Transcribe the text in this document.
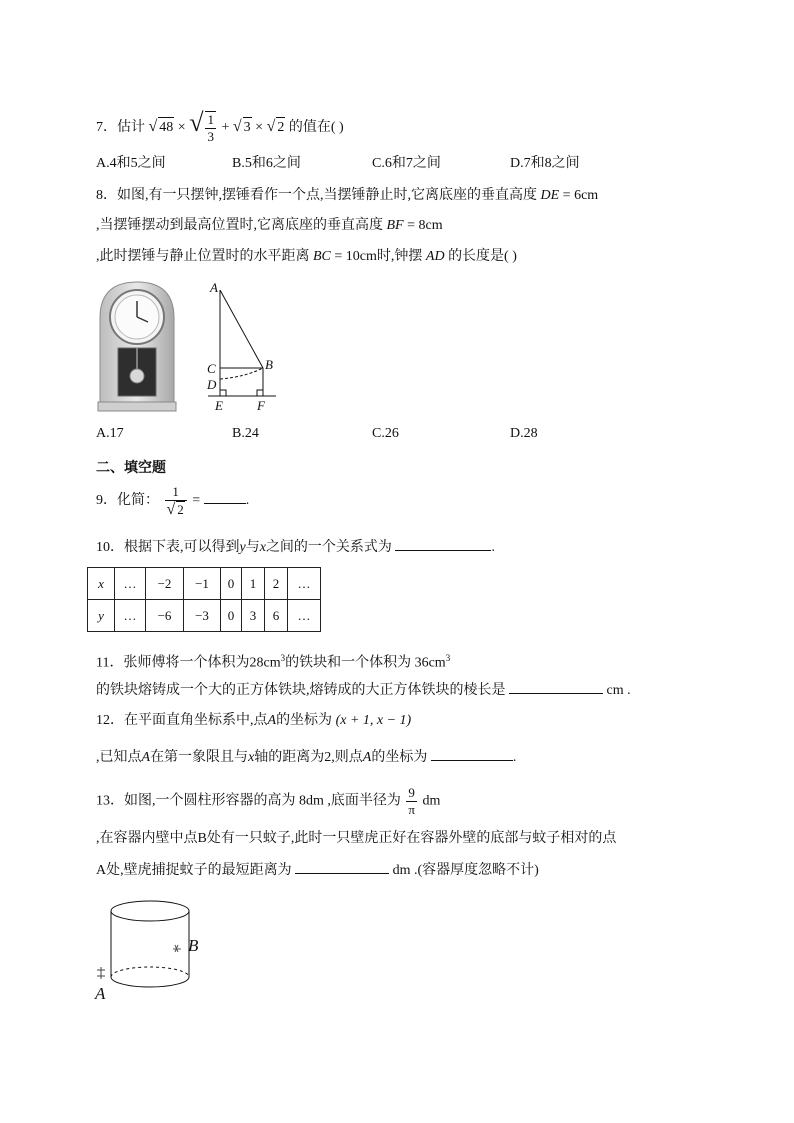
7．估计 √ 48 × √ $\frac{1}{3}$ + √ 3 × √ 2 的值在( )
A.4和5之间	B.5和6之间	C.6和7之间	D.7和8之间
8．如图,有一只摆钟,摆锤看作一个点,当摆锤静止时,它离底座的垂直高度 DE = 6cm
,当摆锤摆动到最高位置时,它离底座的垂直高度 BF = 8cm
,此时摆锤与静止位置时的水平距离 BC = 10cm时,钟摆 AD 的长度是( )
A
C	B
D
E	F
A.17	B.24	C.26	D.28
二、填空题
9．化简： $\frac{1}{√ 2}$ =	.
10．根据下表,可以得到y与x之间的一个关系式为	.
x	…	−2	−1	0	1	2	…
y	…	−6	−3	0	3	6	…
11．张师傅将一个体积为$28cm^3$的铁块和一个体积为 $36cm^3$
的铁块熔铸成一个大的正方体铁块,熔铸成的大正方体铁块的棱长是	cm .
12．在平面直角坐标系中,点A的坐标为 (x + 1, x − 1)
,已知点A在第一象限且与x轴的距离为2,则点A的坐标为	.
13．如图,一个圆柱形容器的高为 8dm ,底面半径为 $\frac{9}{\pi}$ dm
,在容器内壁中点B处有一只蚊子,此时一只壁虎正好在容器外壁的底部与蚊子相对的点
A处,壁虎捕捉蚊子的最短距离为	dm .(容器厚度忽略不计)
B
A
